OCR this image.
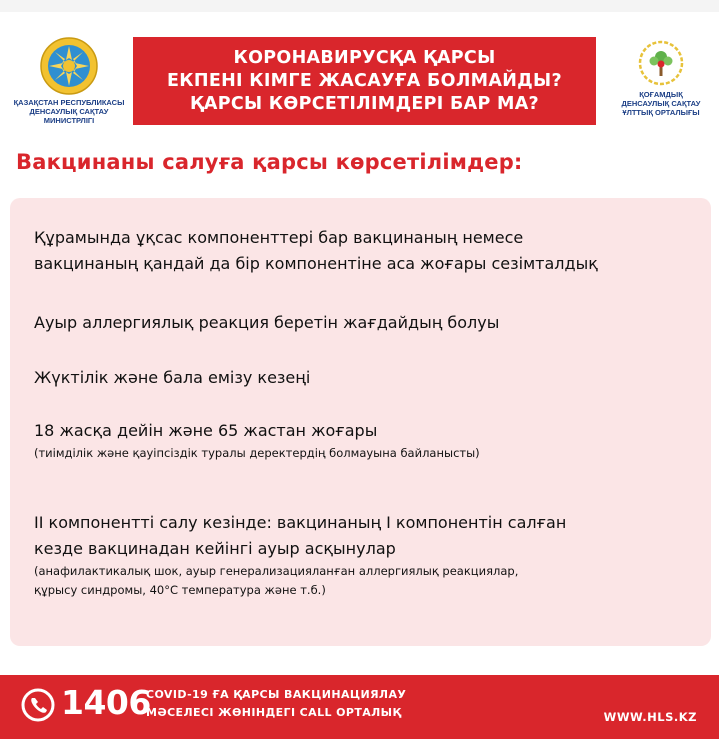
ҚАЗАҚСТАН РЕСПУБЛИКАСЫ
ДЕНСАУЛЫҚ САҚТАУ
МИНИСТРЛІГІ
КОРОНАВИРУСҚА ҚАРСЫ
ЕКПЕНІ КІМГЕ ЖАСАУҒА БОЛМАЙДЫ?
ҚАРСЫ КӨРСЕТІЛІМДЕРІ БАР МА?	ҚОҒАМДЫҚ
ДЕНСАУЛЫҚ САҚТАУ
ҰЛТТЫҚ ОРТАЛЫҒЫ
Вакцинаны салуға қарсы көрсетілімдер:
Құрамында ұқсас компоненттері бар вакцинаның немесе
вакцинаның қандай да бір компонентіне аса жоғары сезімталдық
Ауыр аллергиялық реакция беретін жағдайдың болуы
Жүктілік және бала емізу кезеңі
18 жасқа дейін және 65 жастан жоғары
(тиімділік және қауіпсіздік туралы деректердің болмауына байланысты)
ІІ компонентті салу кезінде: вакцинаның І компонентін салған
кезде вакцинадан кейінгі ауыр асқынулар
(анафилактикалық шок, ауыр генерализацияланған аллергиялық реакциялар,
құрысу синдромы, 40°C температура және т.б.)
1406
COVID-19 ҒА ҚАРСЫ ВАКЦИНАЦИЯЛАУ
МӘСЕЛЕСІ ЖӨНІНДЕГІ CALL ОРТАЛЫҚ	WWW.HLS.KZ
